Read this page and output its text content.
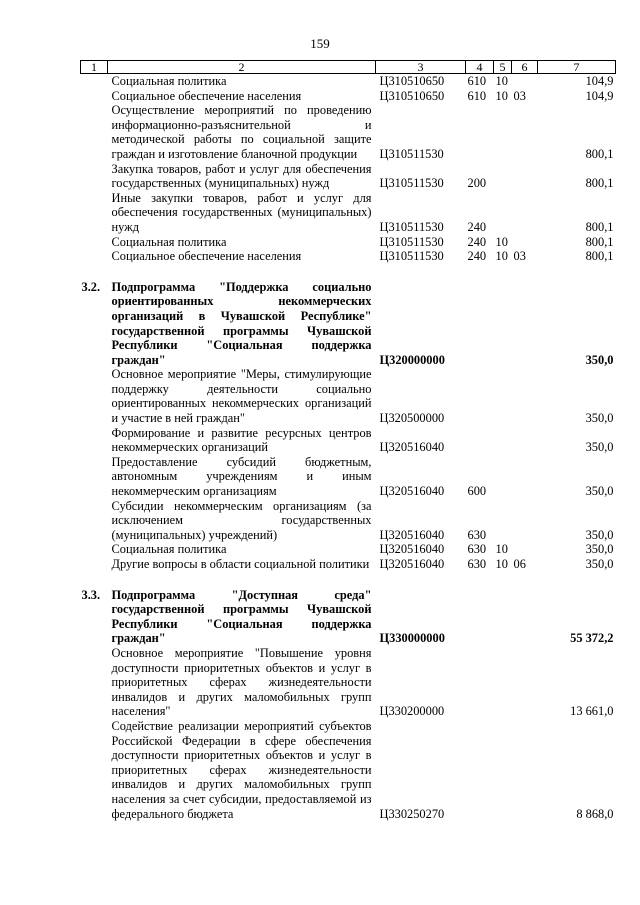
159
1	2	3	4	5	6	7
	Социальная политика	Ц310510650	610	10		104,9
	Социальное обеспечение населения	Ц310510650	610	10	03	104,9
	Осуществление мероприятий по проведению информационно-разъяснительной и методической работы по социальной защите граждан и изготовление бланочной продукции	Ц310511530				800,1
	Закупка товаров, работ и услуг для обеспечения государственных (муниципальных) нужд	Ц310511530	200			800,1
	Иные закупки товаров, работ и услуг для обеспечения государственных (муниципальных) нужд	Ц310511530	240			800,1
	Социальная политика	Ц310511530	240	10		800,1
	Социальное обеспечение населения	Ц310511530	240	10	03	800,1

3.2.	Подпрограмма "Поддержка социально ориентированных некоммерческих организаций в Чувашской Республике" государственной программы Чувашской Республики "Социальная поддержка граждан"	Ц320000000				350,0
	Основное мероприятие "Меры, стимулирующие поддержку деятельности социально ориентированных некоммерческих организаций и участие в ней граждан"	Ц320500000				350,0
	Формирование и развитие ресурсных центров некоммерческих организаций	Ц320516040				350,0
	Предоставление субсидий бюджетным, автономным учреждениям и иным некоммерческим организациям	Ц320516040	600			350,0
	Субсидии некоммерческим организациям (за исключением государственных (муниципальных) учреждений)	Ц320516040	630			350,0
	Социальная политика	Ц320516040	630	10		350,0
	Другие вопросы в области социальной политики	Ц320516040	630	10	06	350,0

3.3.	Подпрограмма "Доступная среда" государственной программы Чувашской Республики "Социальная поддержка граждан"	Ц330000000				55 372,2
	Основное мероприятие "Повышение уровня доступности приоритетных объектов и услуг в приоритетных сферах жизнедеятельности инвалидов и других маломобильных групп населения"	Ц330200000				13 661,0
	Содействие реализации мероприятий субъектов Российской Федерации в сфере обеспечения доступности приоритетных объектов и услуг в приоритетных сферах жизнедеятельности инвалидов и других маломобильных групп населения за счет субсидии, предоставляемой из федерального бюджета	Ц330250270				8 868,0
